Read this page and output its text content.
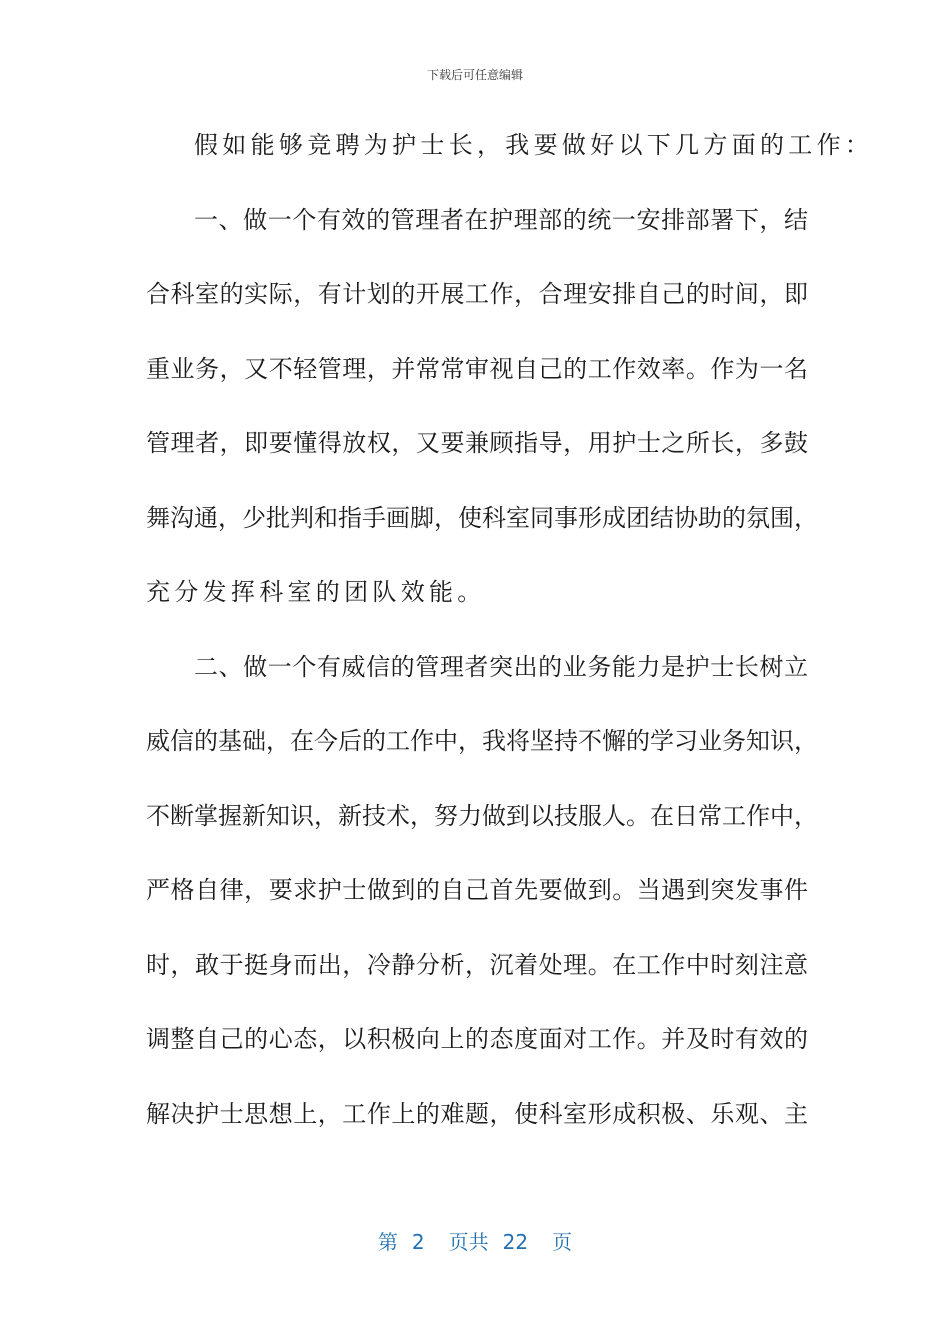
下载后可任意编辑
假如能够竞聘为护士长，我要做好以下几方面的工作：
一、做一个有效的管理者在护理部的统一安排部署下，结
合科室的实际，有计划的开展工作，合理安排自己的时间，即
重业务，又不轻管理，并常常审视自己的工作效率。作为一名
管理者，即要懂得放权，又要兼顾指导，用护士之所长，多鼓
舞沟通，少批判和指手画脚，使科室同事形成团结协助的氛围，
充分发挥科室的团队效能。
二、做一个有威信的管理者突出的业务能力是护士长树立
威信的基础，在今后的工作中，我将坚持不懈的学习业务知识，
不断掌握新知识，新技术，努力做到以技服人。在日常工作中，
严格自律，要求护士做到的自己首先要做到。当遇到突发事件
时，敢于挺身而出，冷静分析，沉着处理。在工作中时刻注意
调整自己的心态，以积极向上的态度面对工作。并及时有效的
解决护士思想上，工作上的难题，使科室形成积极、乐观、主
第 2 页共 22 页
